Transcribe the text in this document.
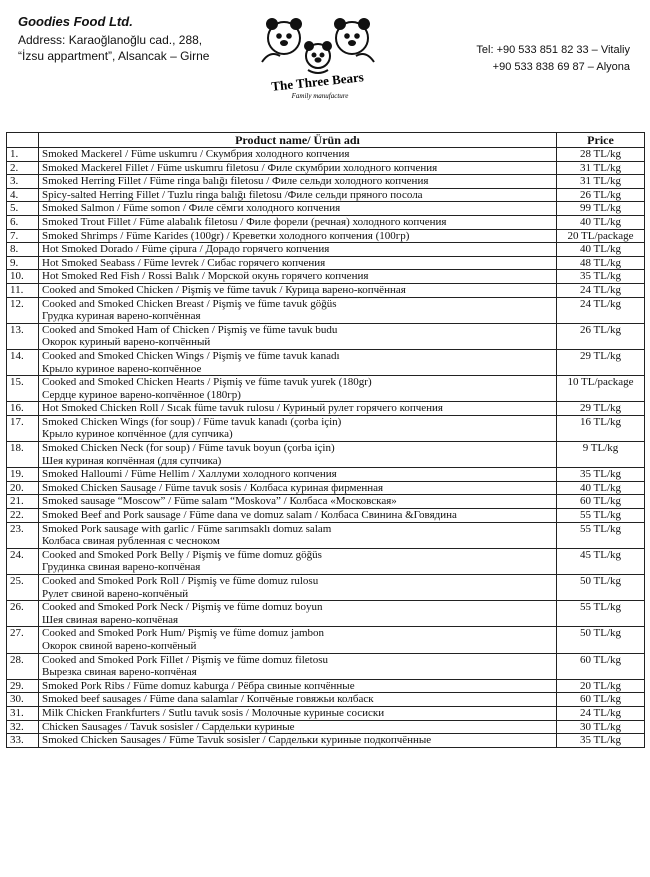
Goodies Food Ltd.
Address: Karaoğlanoğlu cad., 288,
“İzsu appartment”, Alsancak – Girne
The Three Bears
Family manufacture
Tel: +90 533 851 82 33 – Vitaliy
+90 533 838 69 87 – Alyona
	Product name/ Ürün adı	Price
1.	Smoked Mackerel / Füme uskumru / Скумбрия холодного копчения	28 TL/kg
2.	Smoked Mackerel Fillet / Füme uskumru filetosu / Филе скумбрии холодного копчения	31 TL/kg
3.	Smoked Herring Fillet / Füme ringa balığı filetosu / Филе сельди холодного копчения	31 TL/kg
4.	Spicy-salted Herring Fillet / Tuzlu ringa balığı filetosu /Филе сельди пряного посола	26 TL/kg
5.	Smoked Salmon / Füme somon / Филе сёмги холодного копчения	99 TL/kg
6.	Smoked Trout Fillet / Füme alabalık filetosu / Филе форели (речная) холодного копчения	40 TL/kg
7.	Smoked Shrimps / Füme Karides (100gr) / Креветки холодного копчения (100гр)	20 TL/package
8.	Hot Smoked Dorado / Füme çipura / Дорадо горячего копчения	40 TL/kg
9.	Hot Smoked Seabass / Füme levrek / Сибас горячего копчения	48 TL/kg
10.	Hot Smoked Red Fish / Rossi Balık / Морской окунь горячего копчения	35 TL/kg
11.	Cooked and Smoked Chicken / Pişmiş ve füme tavuk / Курица варено-копчённая	24 TL/kg
12.	Cooked and Smoked Chicken Breast / Pişmiş ve füme tavuk göğüs
Грудка куриная варено-копчённая	24 TL/kg
13.	Cooked and Smoked Ham of Chicken / Pişmiş ve füme tavuk budu
Окорок куриный варено-копчённый	26 TL/kg
14.	Cooked and Smoked Chicken Wings / Pişmiş ve füme tavuk kanadı
Крыло куриное варено-копчённое	29 TL/kg
15.	Cooked and Smoked Chicken Hearts / Pişmiş ve füme tavuk yurek (180gr)
Сердце куриное варено-копчённое (180гр)	10 TL/package
16.	Hot Smoked Chicken Roll / Sıcak füme tavuk rulosu / Куриный рулет горячего копчения	29 TL/kg
17.	Smoked Chicken Wings (for soup) / Füme tavuk kanadı (çorba için)
Крыло куриное копчённое (для супчика)	16 TL/kg
18.	Smoked Chicken Neck (for soup) / Füme tavuk boyun (çorba için)
Шея куриная копчённая (для супчика)	9 TL/kg
19.	Smoked Halloumi / Füme Hellim / Халлуми холодного копчения	35 TL/kg
20.	Smoked Chicken Sausage / Füme tavuk sosis / Колбаса куриная фирменная	40 TL/kg
21.	Smoked sausage “Moscow” / Füme salam “Moskova” / Колбаса «Московская»	60 TL/kg
22.	Smoked Beef and Pork sausage / Füme dana ve domuz salam / Колбаса Свинина &Говядина	55 TL/kg
23.	Smoked Pork sausage with garlic / Füme sarımsaklı domuz salam
Колбаса свиная рубленная с чесноком	55 TL/kg
24.	Cooked and Smoked Pork Belly / Pişmiş ve füme domuz göğüs
Грудинка свиная варено-копчёная	45 TL/kg
25.	Cooked and Smoked Pork Roll / Pişmiş ve füme domuz rulosu
Рулет свиной варено-копчёный	50 TL/kg
26.	Cooked and Smoked Pork Neck / Pişmiş ve füme domuz boyun
Шея свиная варено-копчёная	55 TL/kg
27.	Cooked and Smoked Pork Hum/ Pişmiş ve füme domuz jambon
Окорок свиной варено-копчёный	50 TL/kg
28.	Cooked and Smoked Pork Fillet / Pişmiş ve füme domuz filetosu
Вырезка свиная варено-копчёная	60 TL/kg
29.	Smoked Pork Ribs / Füme domuz kaburga / Рёбра свиные копчённые	20 TL/kg
30.	Smoked beef sausages / Füme dana salamlar / Копчёные говяжьи колбаск	60 TL/kg
31.	Milk Chicken Frankfurters / Sutlu tavuk sosis / Молочные куриные сосиски	24 TL/kg
32.	Chicken Sausages / Tavuk sosisler / Сардельки куриные	30 TL/kg
33.	Smoked Chicken Sausages / Füme Tavuk sosisler / Сардельки куриные подкопчённые	35 TL/kg
